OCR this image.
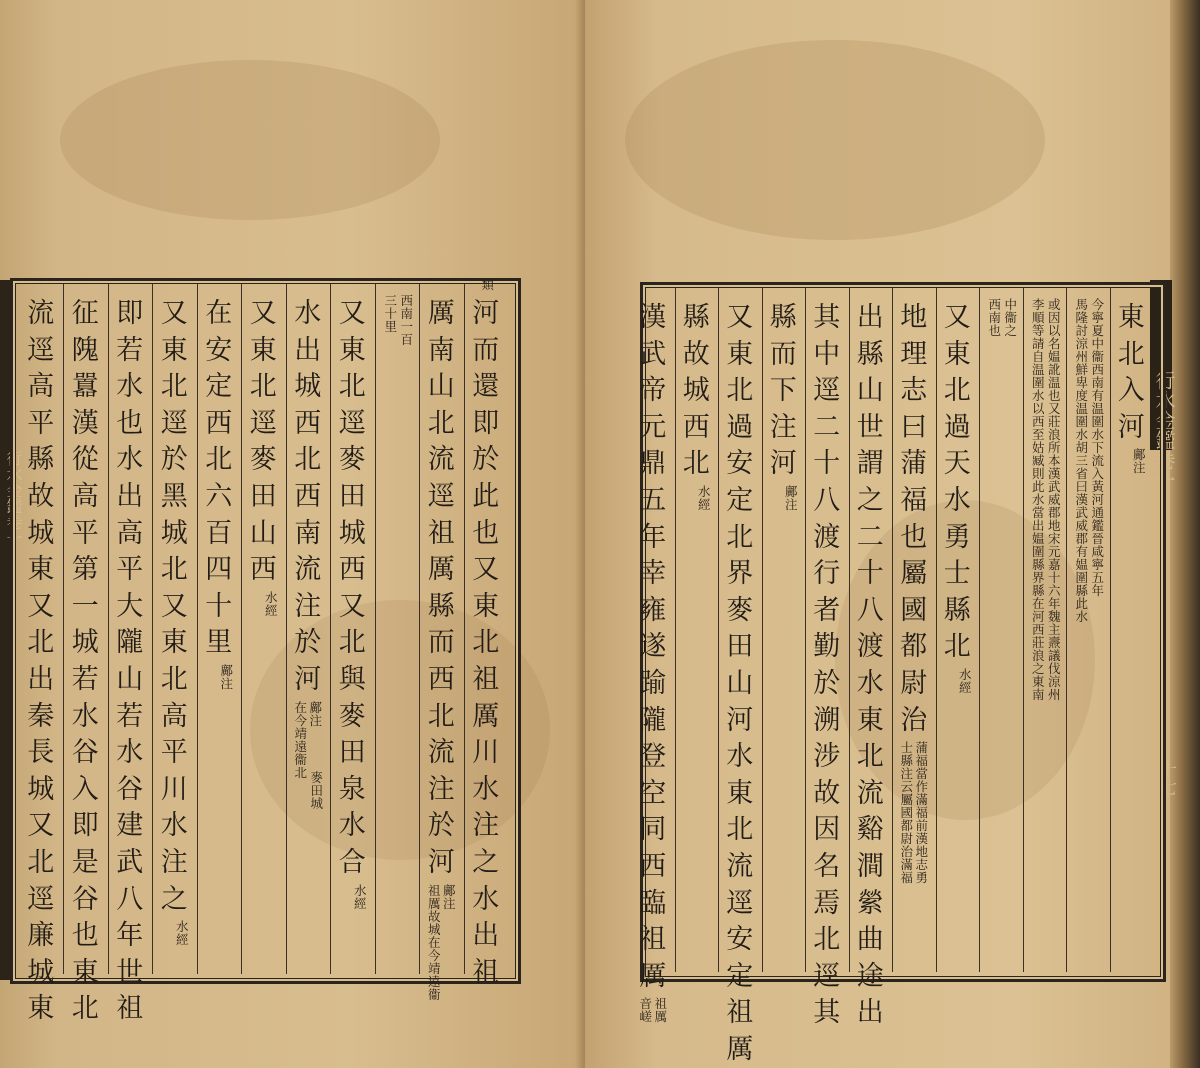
行水金鑑卷一
河
而
還
即
於
此
也
又
東
北
祖
厲
川
水
注
之
水
出
祖
類
厲
南
山
北
流
逕
祖
厲
縣
而
西
北
流
注
於
河
鄺注
祖厲故城在今靖遠衞
西南一百
三十里
又
東
北
逕
麥
田
城
西
又
北
與
麥
田
泉
水
合
水經
水
出
城
西
北
西
南
流
注
於
河
鄺注
在今靖遠衞北
麥田城
又
東
北
逕
麥
田
山
西
水經
在
安
定
西
北
六
百
四
十
里
鄺注
又
東
北
逕
於
黑
城
北
又
東
北
高
平
川
水
注
之
水經
即
若
水
也
水
出
高
平
大
隴
山
若
水
谷
建
武
八
年
世
祖
征
隗
囂
漢
從
高
平
第
一
城
若
水
谷
入
即
是
谷
也
東
北
流
逕
高
平
縣
故
城
東
又
北
出
秦
長
城
又
北
逕
廉
城
東
行水金鑑卷一
十七
東
北
入
河
鄺注
今寧夏中衞西南有温圍水下流入黃河通鑑晉咸寧五年
馬隆討涼州鮮卑度温圍水胡三省曰漢武威郡有媪圍縣此水
或因以名媪訛温也又莊浪所本漢武威郡地宋元嘉十六年魏主燾議伐涼州
李順等請自温圍水以西至姑臧則此水當出媪圍縣界縣在河西莊浪之東南
中衞之
西南也
又
東
北
過
天
水
勇
士
縣
北
水經
地
理
志
曰
蒲
福
也
屬
國
都
尉
治
蒲福當作滿福前漢地志勇
士縣注云屬國都尉治滿福
出
縣
山
世
謂
之
二
十
八
渡
水
東
北
流
谿
澗
縈
曲
途
出
其
中
逕
二
十
八
渡
行
者
勤
於
溯
涉
故
因
名
焉
北
逕
其
縣
而
下
注
河
鄺注
又
東
北
過
安
定
北
界
麥
田
山
河
水
東
北
流
逕
安
定
祖
厲
縣
故
城
西
北
水經
漢
武
帝
元
鼎
五
年
幸
雍
遂
踰
隴
登
空
同
西
臨
祖
厲
祖厲
音嵯
